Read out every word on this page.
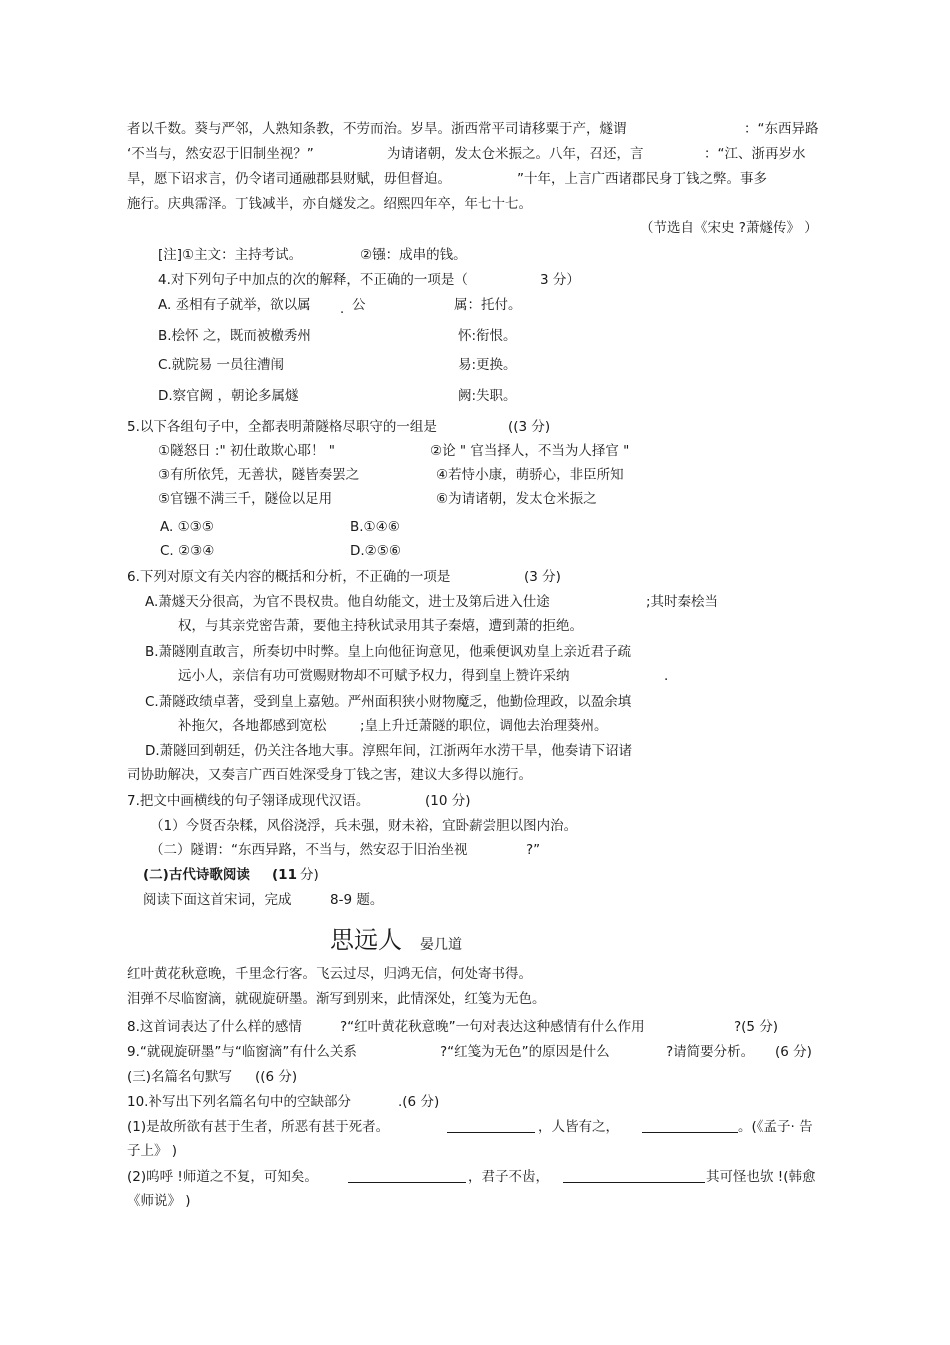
者以千数。葵与严邻，人熟知条教，不劳而治。岁旱。浙西常平司请移粟于产，燧谓	：“东西异路
‘不当与，然安忍于旧制坐视？”	为请诸朝，发太仓米振之。八年，召还，言	：“江、浙再岁水
旱，愿下诏求言，仍令诸司通融郡县财赋，毋但督迫。	”十年，上言广西诸郡民身丁钱之弊。事多
施行。庆典霈泽。丁钱减半，亦自燧发之。绍熙四年卒，年七十七。
（节选自《宋史 ?萧燧传》 ）
[注]①主文：主持考试。	②镪：成串的钱。
4.对下列句子中加点的次的解释，不正确的一项是（	3 分）
A. 丞相有子就举，欲以属 . 公	属：托付。
B.桧怀 之，既而被檄秀州	怀:衔恨。
C.就院易 一员往漕闱	易:更换。
D.察官阙 ，朝论多属燧	阙:失职。
5.以下各组句子中，全都表明萧隧格尽职守的一组是	((3 分)
①隧怒日 :" 初仕敢欺心耶！ "	②论 " 官当择人，不当为人择官 "
③有所依凭，无善状，隧皆奏罢之	④若恃小康，萌骄心，非臣所知
⑤官镪不满三千，隧俭以足用	⑥为请诸朝，发太仓米振之
A. ①③⑤	B.①④⑥
C. ②③④	D.②⑤⑥
6.下列对原文有关内容的概括和分析，不正确的一项是	(3 分)
A.萧燧天分很高，为官不畏权贵。他自幼能文，进士及第后进入仕途	;其时秦桧当
权，与其亲党密告萧，要他主持秋试录用其子秦熺，遭到萧的拒绝。
B.萧隧刚直敢言，所奏切中时弊。皇上向他征询意见，他乘便讽劝皇上亲近君子疏
远小人，亲信有功可赏赐财物却不可赋予权力，得到皇上赞许采纳	.
C.萧隧政绩卓著，受到皇上嘉勉。严州面积狭小财物魔乏，他勤俭理政，以盈余填
补拖欠，各地都感到宽松 ;皇上升迁萧隧的职位，调他去治理葵州。
D.萧隧回到朝廷，仍关注各地大事。淳熙年间，江浙两年水涝干旱，他奏请下诏诸
司协助解决，又奏言广西百姓深受身丁钱之害，建议大多得以施行。
7.把文中画横线的句子翎译成现代汉语。	(10 分)
（1）今贤否杂糅，风俗浇浮，兵未强，财未裕，宜卧薪尝胆以图内治。
（二）隧谓：“东西异路，不当与，然安忍于旧治坐视	?”
(二)古代诗歌阅读 (11 分)
阅读下面这首宋词，完成	8-9 题。
思远人 晏几道
红叶黄花秋意晚，千里念行客。飞云过尽，归鸿无信，何处寄书得。
泪弹不尽临窗滴，就砚旋研墨。渐写到别来，此情深处，红笺为无色。
8.这首词表达了什么样的感情	?“红叶黄花秋意晚”一句对表达这种感情有什么作用	?(5 分)
9.“就砚旋研墨”与“临窗滴”有什么关系	?“红笺为无色”的原因是什么	?请简要分析。 (6 分)
(三)名篇名句默写 ((6 分)
10.补写出下列名篇名句中的空缺部分	.(6 分)
(1)是故所欲有甚于生者，所恶有甚于死者。	，人皆有之，	。(《孟子· 告
子上》 )
(2)呜呼 !师道之不复，可知矣。	，君子不齿，	其可怪也欤 !(韩愈
《师说》 )
